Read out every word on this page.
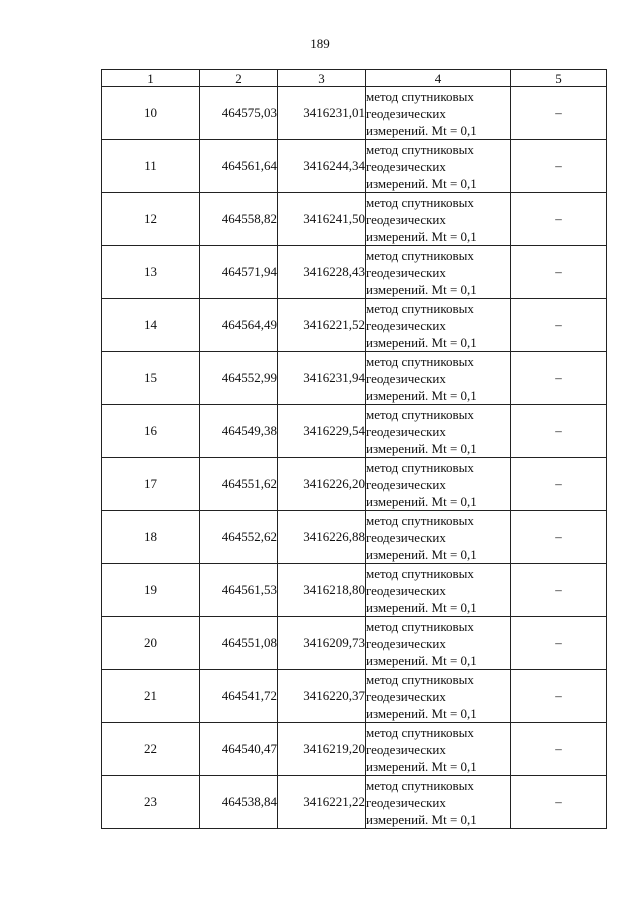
189
1	2	3	4	5
10	464575,03	3416231,01	метод спутниковых
геодезических
измерений. Mt = 0,1	–
11	464561,64	3416244,34	метод спутниковых
геодезических
измерений. Mt = 0,1	–
12	464558,82	3416241,50	метод спутниковых
геодезических
измерений. Mt = 0,1	–
13	464571,94	3416228,43	метод спутниковых
геодезических
измерений. Mt = 0,1	–
14	464564,49	3416221,52	метод спутниковых
геодезических
измерений. Mt = 0,1	–
15	464552,99	3416231,94	метод спутниковых
геодезических
измерений. Mt = 0,1	–
16	464549,38	3416229,54	метод спутниковых
геодезических
измерений. Mt = 0,1	–
17	464551,62	3416226,20	метод спутниковых
геодезических
измерений. Mt = 0,1	–
18	464552,62	3416226,88	метод спутниковых
геодезических
измерений. Mt = 0,1	–
19	464561,53	3416218,80	метод спутниковых
геодезических
измерений. Mt = 0,1	–
20	464551,08	3416209,73	метод спутниковых
геодезических
измерений. Mt = 0,1	–
21	464541,72	3416220,37	метод спутниковых
геодезических
измерений. Mt = 0,1	–
22	464540,47	3416219,20	метод спутниковых
геодезических
измерений. Mt = 0,1	–
23	464538,84	3416221,22	метод спутниковых
геодезических
измерений. Mt = 0,1	–
